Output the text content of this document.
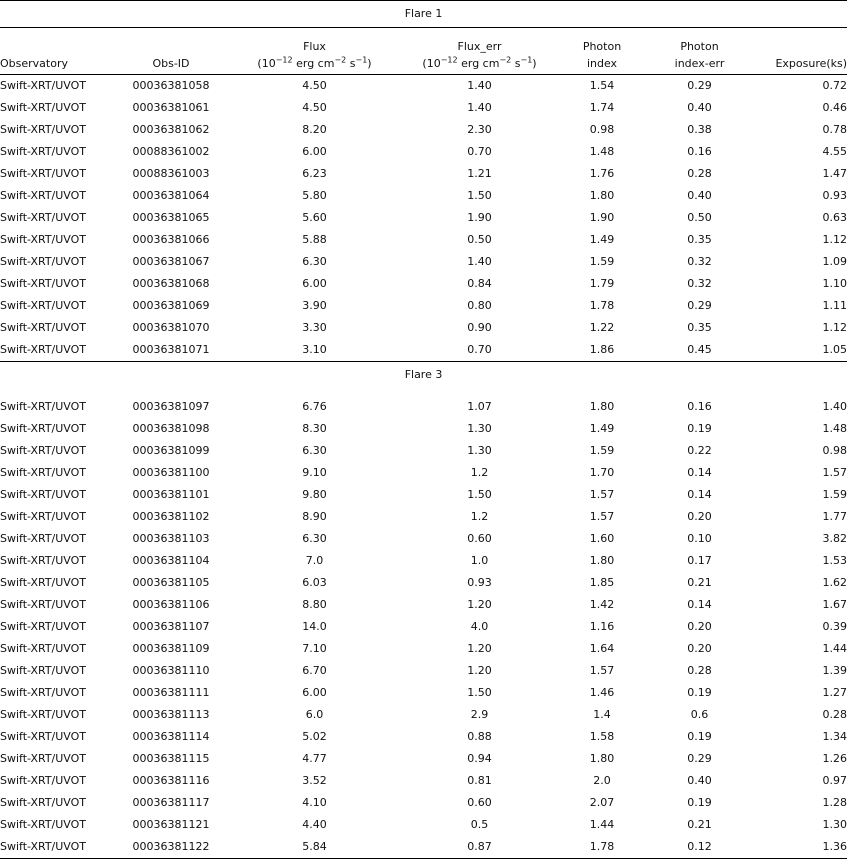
Flare 1						
		Flux	Flux_err	Photon	Photon	
Observatory	Obs-ID	($10^{-12}$ erg $cm^{-2}$ $s^{-1}$)	($10^{-12}$ erg $cm^{-2}$ $s^{-1}$)	index	index-err	Exposure(ks)
Swift-XRT/UVOT	00036381058	4.50	1.40	1.54	0.29	0.72
Swift-XRT/UVOT	00036381061	4.50	1.40	1.74	0.40	0.46
Swift-XRT/UVOT	00036381062	8.20	2.30	0.98	0.38	0.78
Swift-XRT/UVOT	00088361002	6.00	0.70	1.48	0.16	4.55
Swift-XRT/UVOT	00088361003	6.23	1.21	1.76	0.28	1.47
Swift-XRT/UVOT	00036381064	5.80	1.50	1.80	0.40	0.93
Swift-XRT/UVOT	00036381065	5.60	1.90	1.90	0.50	0.63
Swift-XRT/UVOT	00036381066	5.88	0.50	1.49	0.35	1.12
Swift-XRT/UVOT	00036381067	6.30	1.40	1.59	0.32	1.09
Swift-XRT/UVOT	00036381068	6.00	0.84	1.79	0.32	1.10
Swift-XRT/UVOT	00036381069	3.90	0.80	1.78	0.29	1.11
Swift-XRT/UVOT	00036381070	3.30	0.90	1.22	0.35	1.12
Swift-XRT/UVOT	00036381071	3.10	0.70	1.86	0.45	1.05
Flare 3						

Swift-XRT/UVOT	00036381097	6.76	1.07	1.80	0.16	1.40
Swift-XRT/UVOT	00036381098	8.30	1.30	1.49	0.19	1.48
Swift-XRT/UVOT	00036381099	6.30	1.30	1.59	0.22	0.98
Swift-XRT/UVOT	00036381100	9.10	1.2	1.70	0.14	1.57
Swift-XRT/UVOT	00036381101	9.80	1.50	1.57	0.14	1.59
Swift-XRT/UVOT	00036381102	8.90	1.2	1.57	0.20	1.77
Swift-XRT/UVOT	00036381103	6.30	0.60	1.60	0.10	3.82
Swift-XRT/UVOT	00036381104	7.0	1.0	1.80	0.17	1.53
Swift-XRT/UVOT	00036381105	6.03	0.93	1.85	0.21	1.62
Swift-XRT/UVOT	00036381106	8.80	1.20	1.42	0.14	1.67
Swift-XRT/UVOT	00036381107	14.0	4.0	1.16	0.20	0.39
Swift-XRT/UVOT	00036381109	7.10	1.20	1.64	0.20	1.44
Swift-XRT/UVOT	00036381110	6.70	1.20	1.57	0.28	1.39
Swift-XRT/UVOT	00036381111	6.00	1.50	1.46	0.19	1.27
Swift-XRT/UVOT	00036381113	6.0	2.9	1.4	0.6	0.28
Swift-XRT/UVOT	00036381114	5.02	0.88	1.58	0.19	1.34
Swift-XRT/UVOT	00036381115	4.77	0.94	1.80	0.29	1.26
Swift-XRT/UVOT	00036381116	3.52	0.81	2.0	0.40	0.97
Swift-XRT/UVOT	00036381117	4.10	0.60	2.07	0.19	1.28
Swift-XRT/UVOT	00036381121	4.40	0.5	1.44	0.21	1.30
Swift-XRT/UVOT	00036381122	5.84	0.87	1.78	0.12	1.36
